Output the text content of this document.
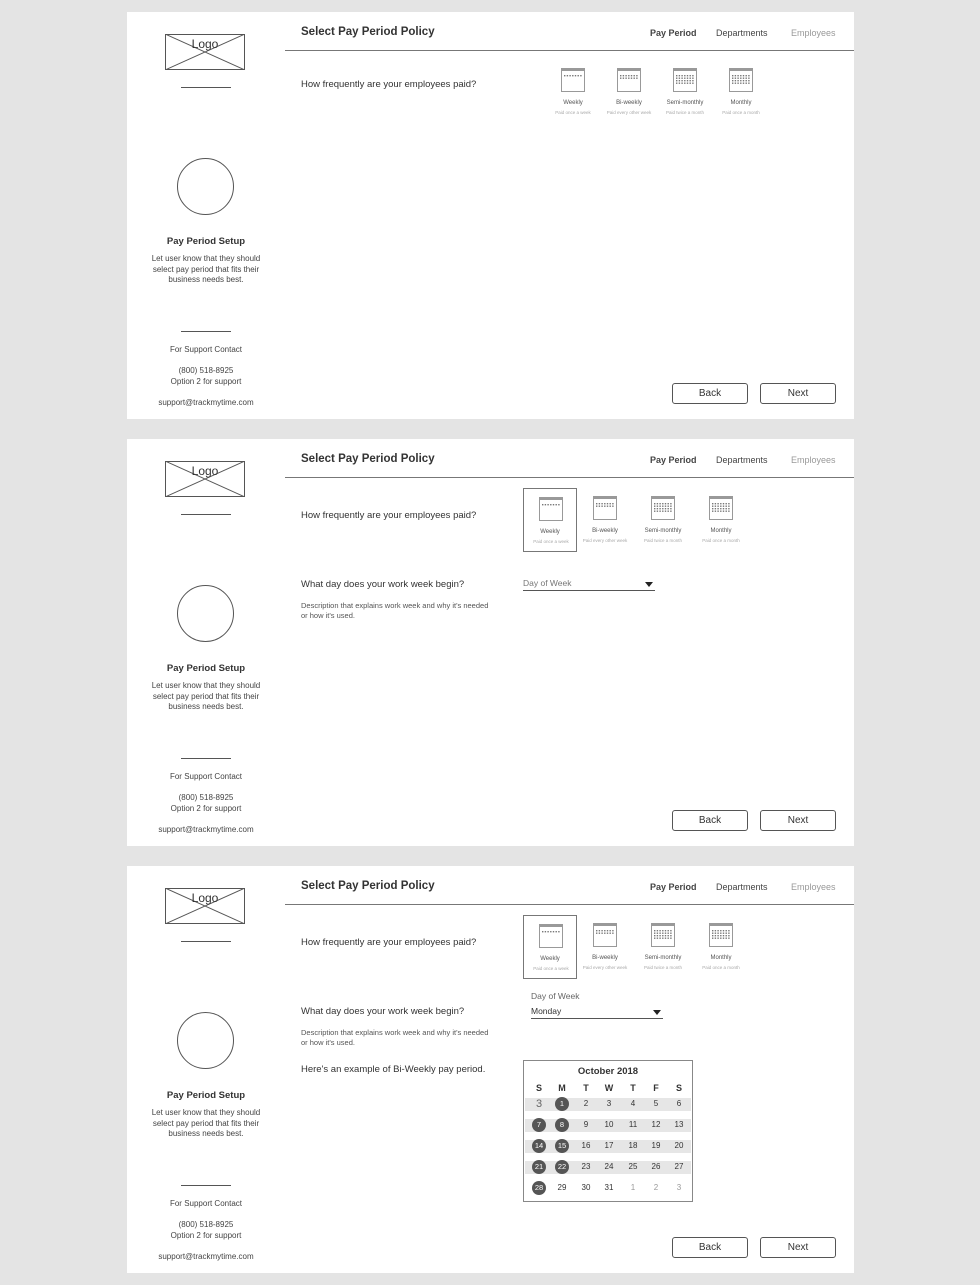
Logo
Pay Period Setup
Let user know that they should select pay period that fits their business needs best.
For Support Contact
(800) 518-8925
Option 2 for support
support@trackmytime.com
Select Pay Period Policy	Pay Period Departments	Employees
How frequently are your employees paid?
Weekly
Paid once a week
Bi-weekly
Paid every other week
Semi-monthly
Paid twice a month
Monthly
Paid once a month
Back	Next
Logo
Pay Period Setup
Let user know that they should select pay period that fits their business needs best.
For Support Contact
(800) 518-8925
Option 2 for support
support@trackmytime.com
Select Pay Period Policy	Pay Period Departments	Employees
How frequently are your employees paid?
Weekly
Paid once a week
Bi-weekly
Paid every other week
Semi-monthly
Paid twice a month
Monthly
Paid once a month
What day does your work week begin?
Description that explains work week and why it's needed or how it's used.
Day of Week
Back	Next
Logo
Pay Period Setup
Let user know that they should select pay period that fits their business needs best.
For Support Contact
(800) 518-8925
Option 2 for support
support@trackmytime.com
Select Pay Period Policy	Pay Period Departments	Employees
How frequently are your employees paid?
Weekly
Paid once a week
Bi-weekly
Paid every other week
Semi-monthly
Paid twice a month
Monthly
Paid once a month
What day does your work week begin?
Description that explains work week and why it's needed or how it's used.
Day of Week
Monday
Here's an example of Bi-Weekly pay period.	October 2018
S	M	T	W	T	F	S
3	1	2	3	4	5	6
7	8	9	10	11	12	13
14	15	16	17	18	19	20
21	22	23	24	25	26	27
28	29	30	31	1	2	3
Back	Next
